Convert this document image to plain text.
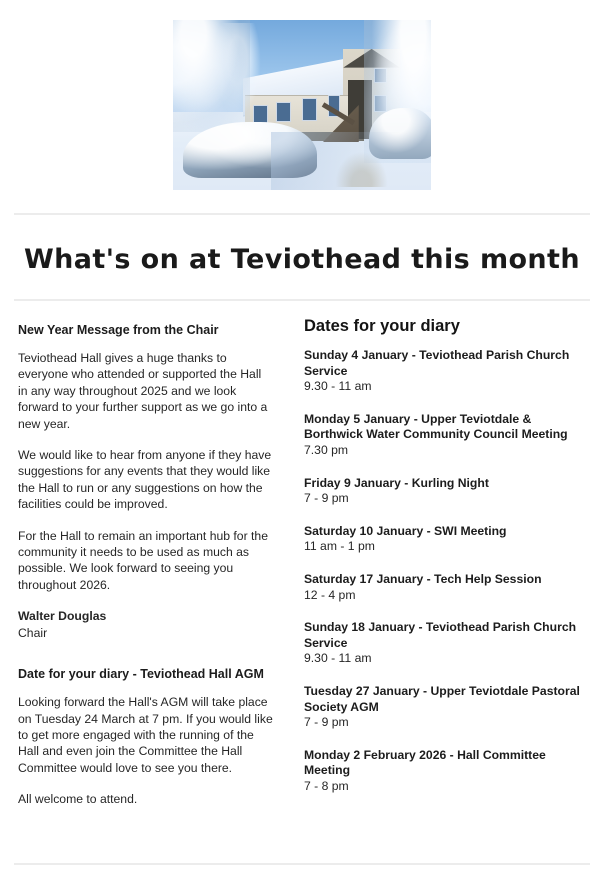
What's on at Teviothead this month
New Year Message from the Chair

Teviothead Hall gives a huge thanks to everyone who attended or supported the Hall in any way throughout 2025 and we look forward to your further support as we go into a new year.

We would like to hear from anyone if they have suggestions for any events that they would like the Hall to run or any suggestions on how the facilities could be improved.

For the Hall to remain an important hub for the community it needs to be used as much as possible. We look forward to seeing you throughout 2026.

Walter Douglas
Chair
Date for your diary - Teviothead Hall AGM

Looking forward the Hall's AGM will take place on Tuesday 24 March at 7 pm. If you would like to get more engaged with the running of the Hall and even join the Committee the Hall Committee would love to see you there.

All welcome to attend.

Dates for your diary

Sunday 4 January - Teviothead Parish Church Service

9.30 - 11 am

Monday 5 January - Upper Teviotdale & Borthwick Water Community Council Meeting

7.30 pm

Friday 9 January - Kurling Night

7 - 9 pm

Saturday 10 January - SWI Meeting

11 am - 1 pm

Saturday 17 January - Tech Help Session

12 - 4 pm

Sunday 18 January - Teviothead Parish Church Service

9.30 - 11 am

Tuesday 27 January - Upper Teviotdale Pastoral Society AGM

7 - 9 pm

Monday 2 February 2026 - Hall Committee Meeting

7 - 8 pm
